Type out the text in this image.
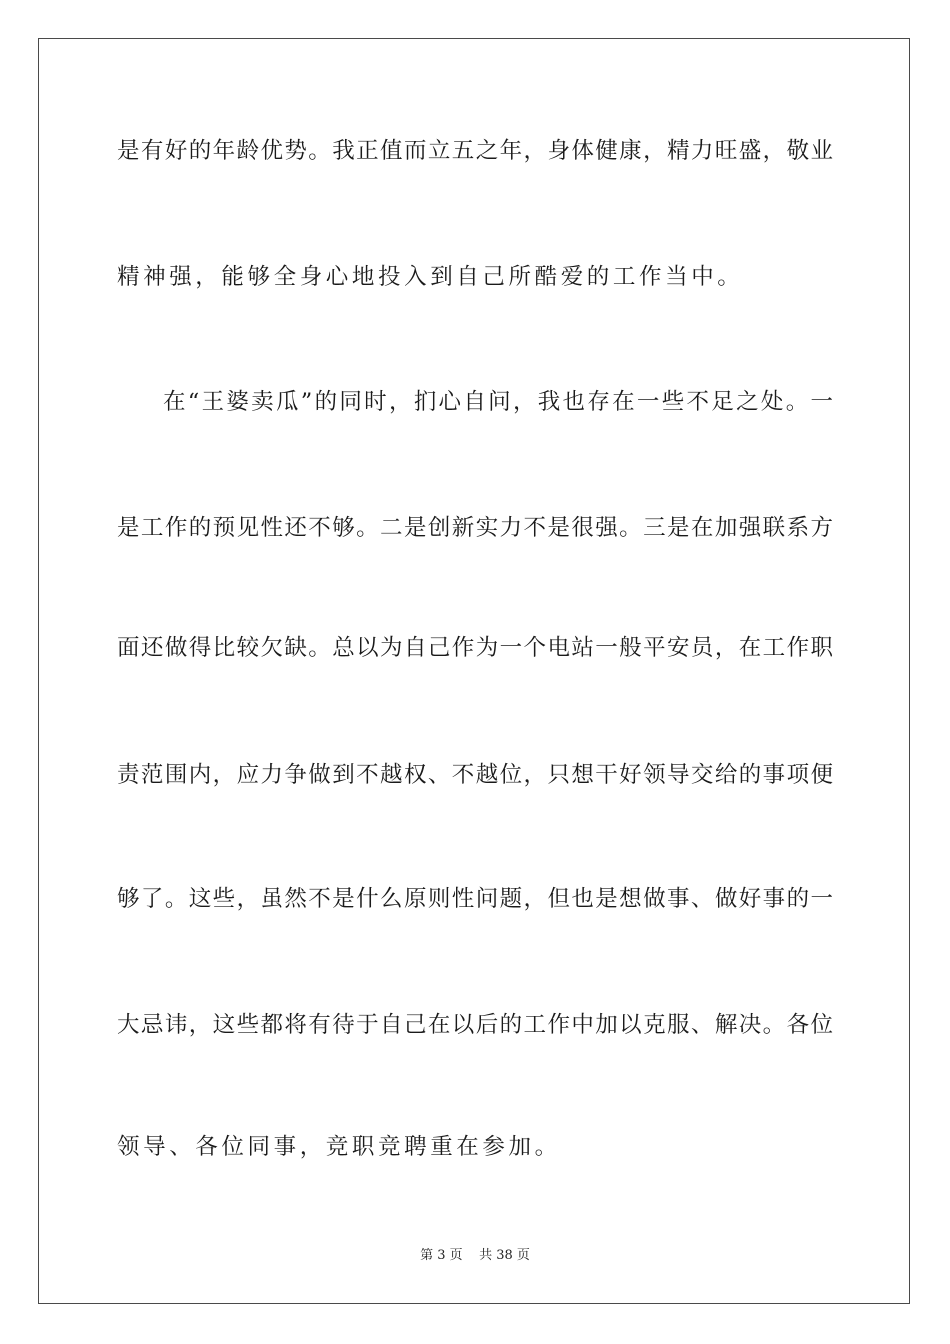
是有好的年龄优势。我正值而立五之年，身体健康，精力旺盛，敬业
精神强，能够全身心地投入到自己所酷爱的工作当中。
在“王婆卖瓜”的同时，扪心自问，我也存在一些不足之处。一
是工作的预见性还不够。二是创新实力不是很强。三是在加强联系方
面还做得比较欠缺。总以为自己作为一个电站一般平安员，在工作职
责范围内，应力争做到不越权、不越位，只想干好领导交给的事项便
够了。这些，虽然不是什么原则性问题，但也是想做事、做好事的一
大忌讳，这些都将有待于自己在以后的工作中加以克服、解决。各位
领导、各位同事，竞职竞聘重在参加。
第 3 页    共 38 页
